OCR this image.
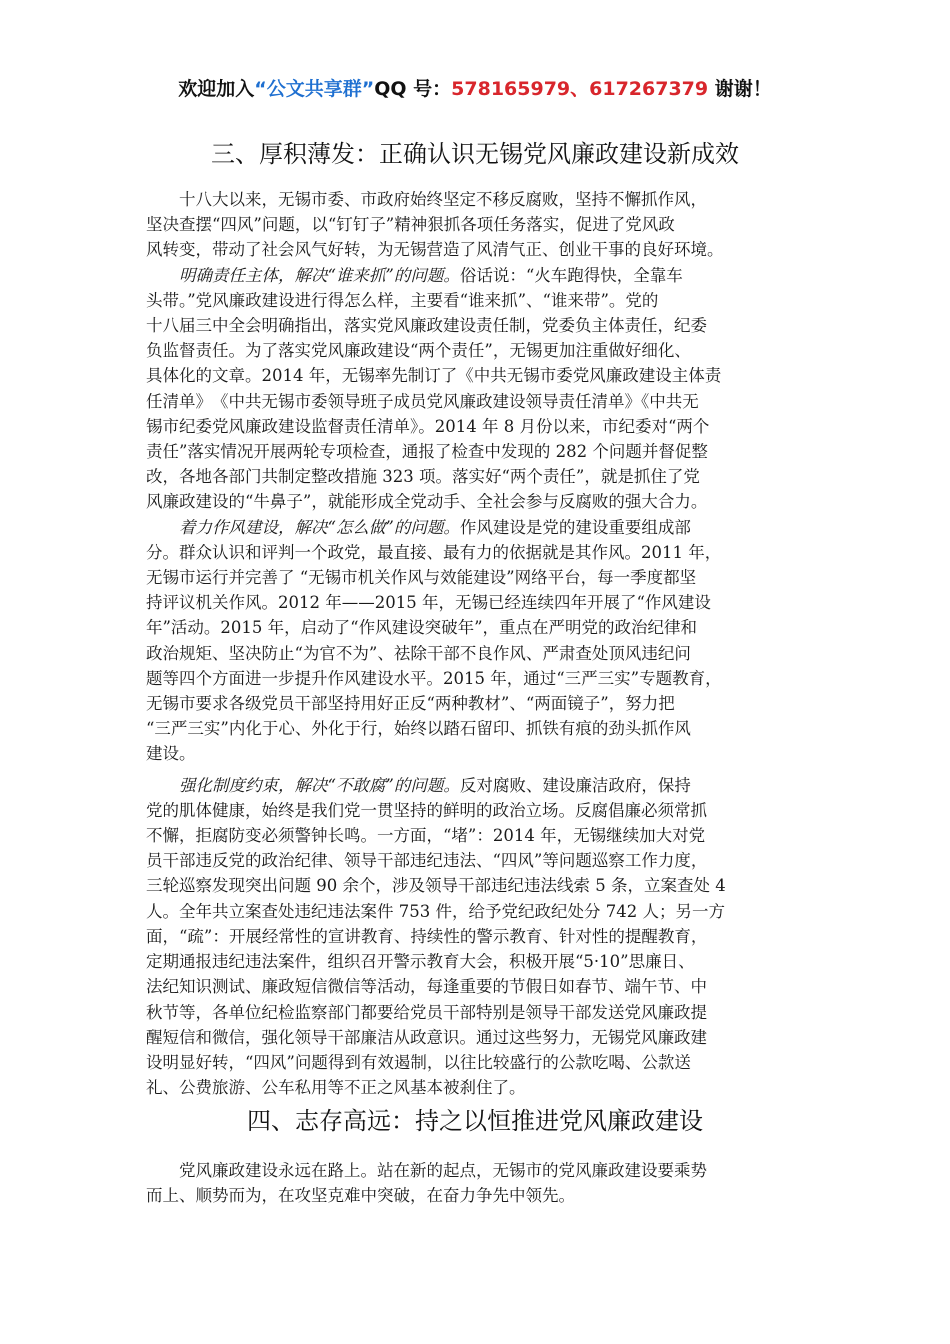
欢迎加入“公文共享群”QQ 号：578165979、617267379 谢谢！
三、厚积薄发：正确认识无锡党风廉政建设新成效

　　十八大以来，无锡市委、市政府始终坚定不移反腐败，坚持不懈抓作风，

坚决查摆“四风”问题，以“钉钉子”精神狠抓各项任务落实，促进了党风政

风转变，带动了社会风气好转，为无锡营造了风清气正、创业干事的良好环境。

　　明确责任主体，解决“谁来抓”的问题。俗话说：“火车跑得快，全靠车

头带。”党风廉政建设进行得怎么样，主要看“谁来抓”、“谁来带”。党的

十八届三中全会明确指出，落实党风廉政建设责任制，党委负主体责任，纪委

负监督责任。为了落实党风廉政建设“两个责任”，无锡更加注重做好细化、

具体化的文章。2014 年，无锡率先制订了《中共无锡市委党风廉政建设主体责

任清单》　《中共无锡市委领导班子成员党风廉政建设领导责任清单》《中共无

锡市纪委党风廉政建设监督责任清单》。2014 年 8 月份以来，市纪委对“两个

责任”落实情况开展两轮专项检查，通报了检查中发现的 282 个问题并督促整

改，各地各部门共制定整改措施 323 项。落实好“两个责任”，就是抓住了党

风廉政建设的“牛鼻子”，就能形成全党动手、全社会参与反腐败的强大合力。

　　着力作风建设，解决“怎么做”的问题。作风建设是党的建设重要组成部

分。群众认识和评判一个政党，最直接、最有力的依据就是其作风。2011 年，

无锡市运行并完善了 “无锡市机关作风与效能建设”网络平台，每一季度都坚

持评议机关作风。2012 年——2015 年，无锡已经连续四年开展了“作风建设

年”活动。2015 年，启动了“作风建设突破年”，重点在严明党的政治纪律和

政治规矩、坚决防止“为官不为”、祛除干部不良作风、严肃查处顶风违纪问

题等四个方面进一步提升作风建设水平。2015 年，通过“三严三实”专题教育，

无锡市要求各级党员干部坚持用好正反“两种教材”、“两面镜子”，努力把

“三严三实”内化于心、外化于行，始终以踏石留印、抓铁有痕的劲头抓作风

建设。

　　强化制度约束，解决“不敢腐”的问题。反对腐败、建设廉洁政府，保持

党的肌体健康，始终是我们党一贯坚持的鲜明的政治立场。反腐倡廉必须常抓

不懈，拒腐防变必须警钟长鸣。一方面，“堵”：2014 年，无锡继续加大对党

员干部违反党的政治纪律、领导干部违纪违法、“四风”等问题巡察工作力度，

三轮巡察发现突出问题 90 余个，涉及领导干部违纪违法线索 5 条，立案查处 4

人。全年共立案查处违纪违法案件 753 件，给予党纪政纪处分 742 人；另一方

面，“疏”：开展经常性的宣讲教育、持续性的警示教育、针对性的提醒教育，

定期通报违纪违法案件，组织召开警示教育大会，积极开展“5·10”思廉日、

法纪知识测试、廉政短信微信等活动，每逢重要的节假日如春节、端午节、中

秋节等，各单位纪检监察部门都要给党员干部特别是领导干部发送党风廉政提

醒短信和微信，强化领导干部廉洁从政意识。通过这些努力，无锡党风廉政建

设明显好转，“四风”问题得到有效遏制，以往比较盛行的公款吃喝、公款送

礼、公费旅游、公车私用等不正之风基本被刹住了。

四、志存高远：持之以恒推进党风廉政建设

　　党风廉政建设永远在路上。站在新的起点，无锡市的党风廉政建设要乘势

而上、顺势而为，在攻坚克难中突破，在奋力争先中领先。
